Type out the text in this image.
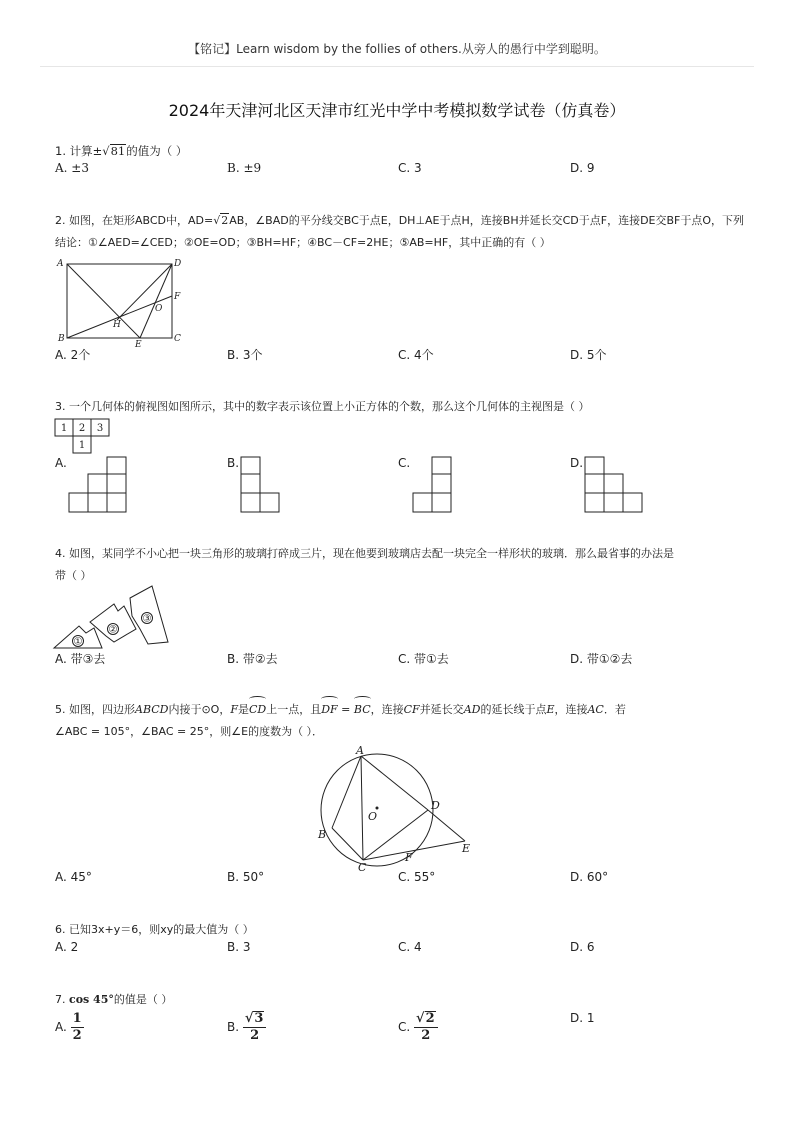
【铭记】Learn wisdom by the follies of others.从旁人的愚行中学到聪明。
2024年天津河北区天津市红光中学中考模拟数学试卷（仿真卷）
1. 计算±√81的值为（ ）
A. ±3	B. ±9	C. 3	D. 9
2. 如图，在矩形ABCD中，AD=√2AB，∠BAD的平分线交BC于点E，DH⊥AE于点H，连接BH并延长交CD于点F，连接DE交BF于点O，下列
结论：①∠AED=∠CED；②OE=OD；③BH=HF；④BC－CF=2HE；⑤AB=HF，其中正确的有（ ）
A	D
F
O
H
B
E
C
A. 2个	B. 3个	C. 4个	D. 5个
3. 一个几何体的俯视图如图所示，其中的数字表示该位置上小正方体的个数，那么这个几何体的主视图是（ ）
1 2 3
1
A.	B.	C.	D.
4. 如图，某同学不小心把一块三角形的玻璃打碎成三片，现在他要到玻璃店去配一块完全一样形状的玻璃．那么最省事的办法是
带（ ）
①
②
③
A. 带③去	B. 带②去	C. 带①去	D. 带①②去
5. 如图，四边形ABCD内接于⊙O，F是CD上一点，且DF = BC，连接CF并延长交AD的延长线于点E，连接AC．若
∠ABC = 105°，∠BAC = 25°，则∠E的度数为（ ）．
A
O
D
B
E
F
C
A. 45°	B. 50°	C. 55°	D. 60°
6. 已知3x+y＝6，则xy的最大值为（ ）
A. 2	B. 3	C. 4	D. 6
7. cos 45°的值是（ ）
A. $\frac{1}{2}$	B. $\frac{√3}{2}$	C. $\frac{√2}{2}$	D. 1
